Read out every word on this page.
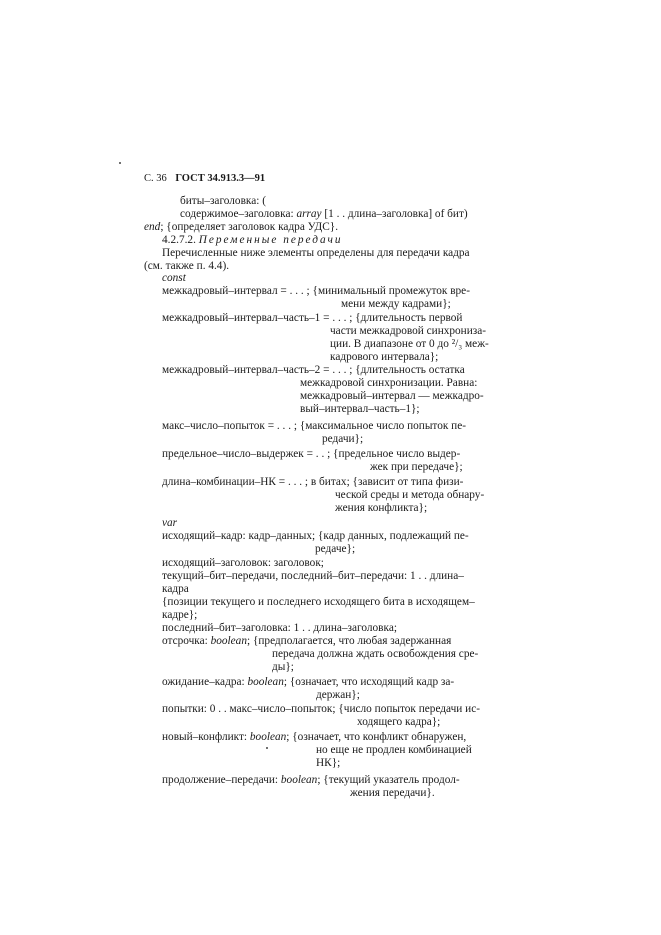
С. 36 ГОСТ 34.913.3—91
биты–заголовка: (
содержимое–заголовка: array [1 . . длина–заголовка] of бит)
end; {определяет заголовок кадра УДС}.
4.2.7.2. Переменные передачи
Перечисленные ниже элементы определены для передачи кадра
(см. также п. 4.4).
const
межкадровый–интервал = . . . ; {минимальный промежуток вре-
мени между кадрами};
межкадровый–интервал–часть–1 = . . . ; {длительность первой
части межкадровой синхрониза-
ции. В диапазоне от 0 до ²/₃ меж-
кадрового интервала};
межкадровый–интервал–часть–2 = . . . ; {длительность остатка
межкадровой синхронизации. Равна:
межкадровый–интервал — межкадро-
вый–интервал–часть–1};
макс–число–попыток = . . . ; {максимальное число попыток пе-
редачи};
предельное–число–выдержек = . . ; {предельное число выдер-
жек при передаче};
длина–комбинации–НК = . . . ; в битах; {зависит от типа физи-
ческой среды и метода обнару-
жения конфликта};
var
исходящий–кадр: кадр–данных; {кадр данных, подлежащий пе-
редаче};
исходящий–заголовок: заголовок;
текущий–бит–передачи, последний–бит–передачи: 1 . . длина–
кадра
{позиции текущего и последнего исходящего бита в исходящем–
кадре};
последний–бит–заголовка: 1 . . длина–заголовка;
отсрочка: boolean; {предполагается, что любая задержанная
передача должна ждать освобождения сре-
ды};
ожидание–кадра: boolean; {означает, что исходящий кадр за-
держан};
попытки: 0 . . макс–число–попыток; {число попыток передачи ис-
ходящего кадра};
новый–конфликт: boolean; {означает, что конфликт обнаружен,
но еще не продлен комбинацией
НК};
продолжение–передачи: boolean; {текущий указатель продол-
жения передачи}.
